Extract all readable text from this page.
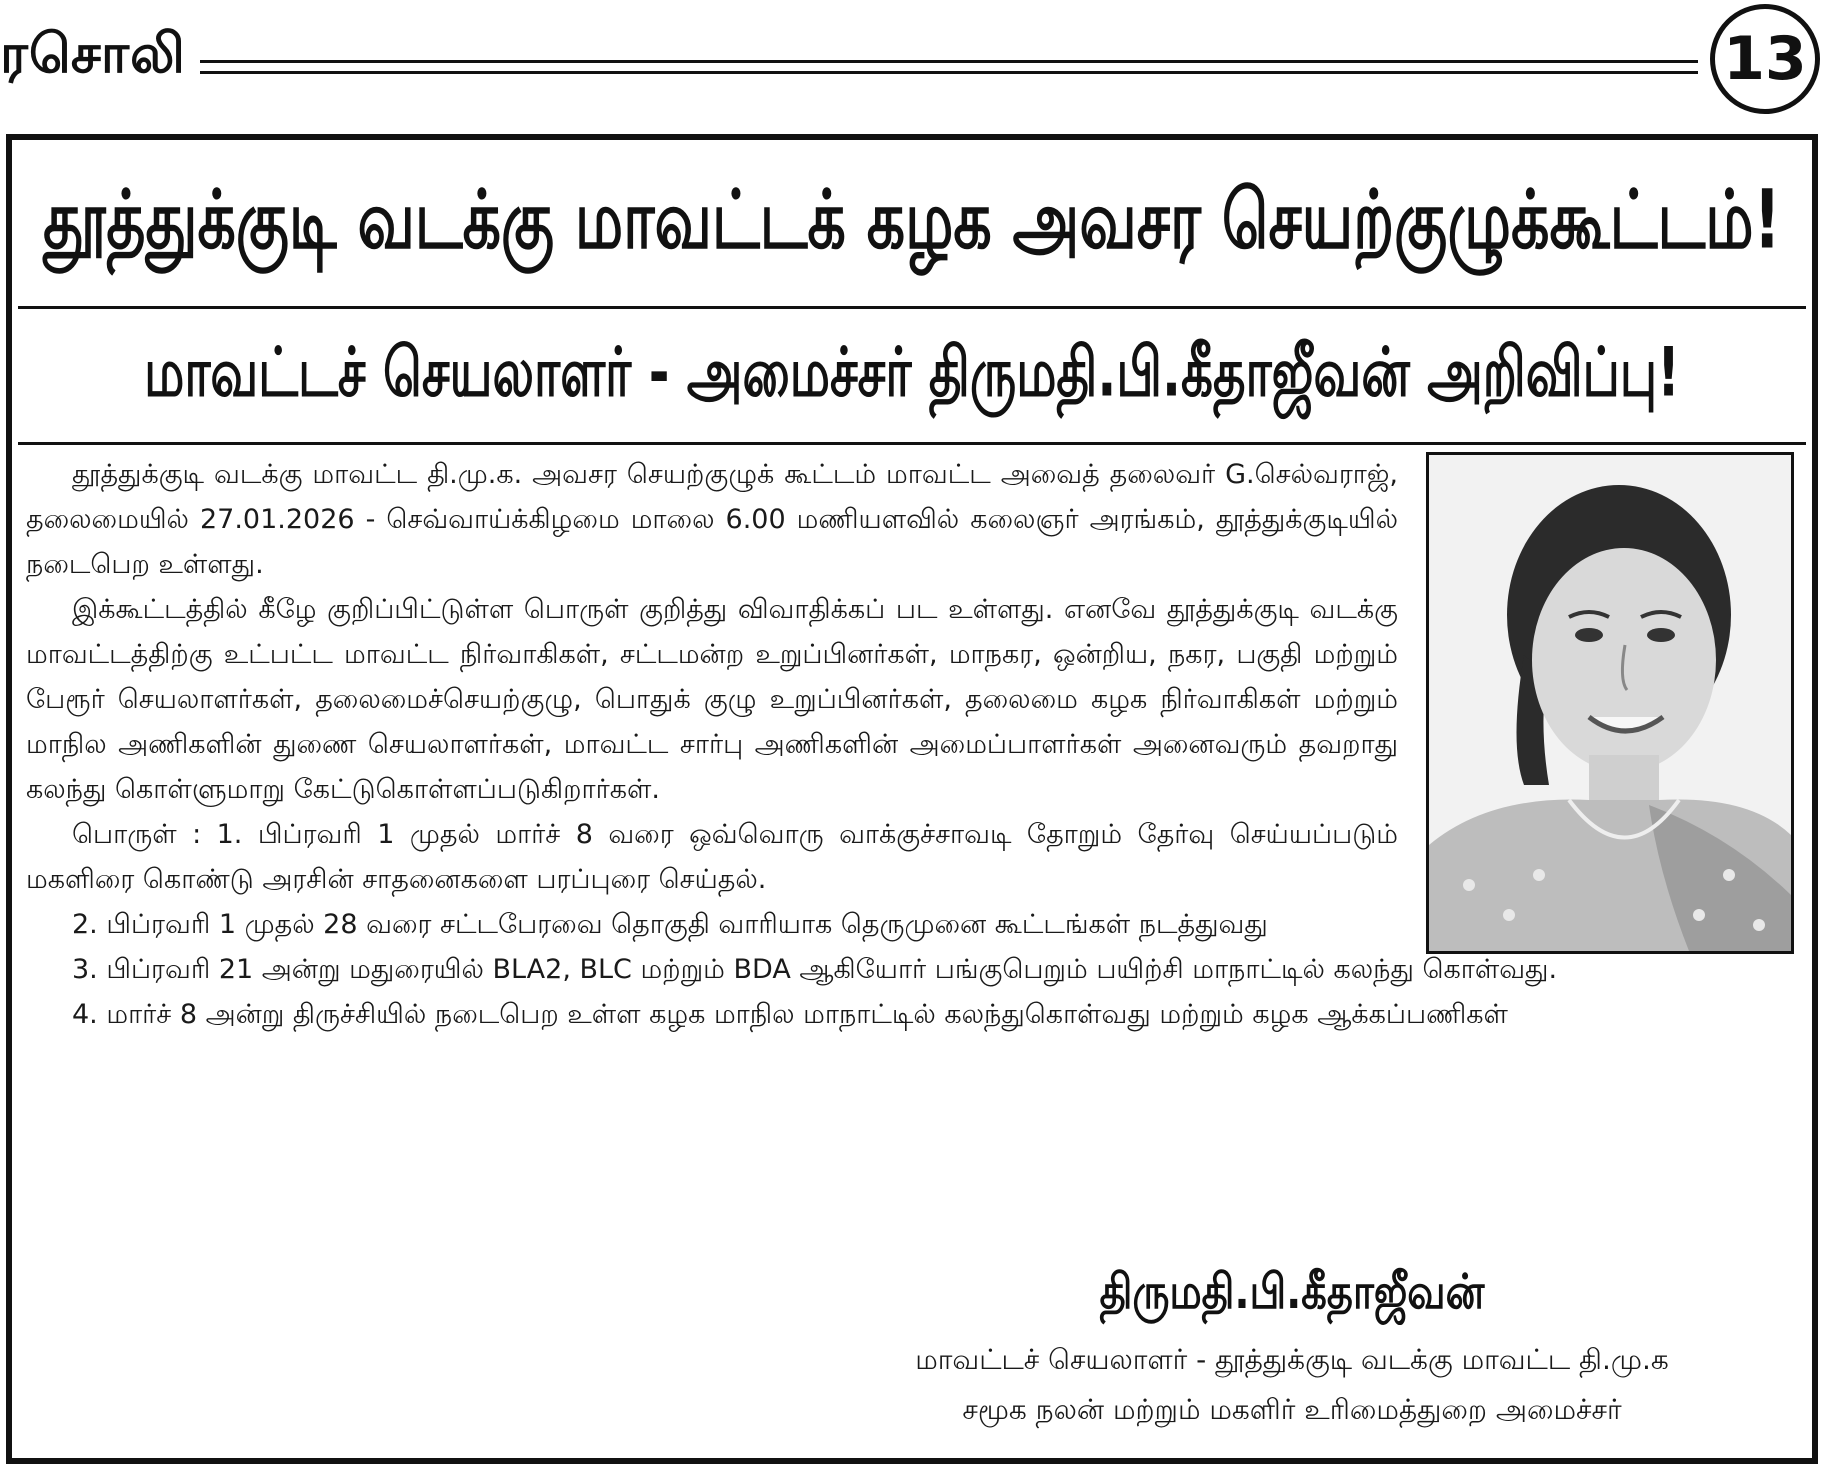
ரசொலி	13
தூத்துக்குடி வடக்கு மாவட்டக் கழக அவசர செயற்குழுக்கூட்டம்!
மாவட்டச் செயலாளர் - அமைச்சர் திருமதி.பி.கீதாஜீவன் அறிவிப்பு!

தூத்துக்குடி வடக்கு மாவட்ட தி.மு.க. அவசர செயற்குழுக் கூட்டம் மாவட்ட அவைத் தலைவர் G.செல்வராஜ், தலைமையில் 27.01.2026 - செவ்வாய்க்கிழமை மாலை 6.00 மணியளவில் கலைஞர் அரங்கம், தூத்துக்குடியில் நடைபெற உள்ளது.

இக்கூட்டத்தில் கீழே குறிப்பிட்டுள்ள பொருள் குறித்து விவாதிக்கப் பட உள்ளது. எனவே தூத்துக்குடி வடக்கு மாவட்டத்திற்கு உட்பட்ட மாவட்ட நிர்வாகிகள், சட்டமன்ற உறுப்பினர்கள், மாநகர, ஒன்றிய, நகர, பகுதி மற்றும் பேரூர் செயலாளர்கள், தலைமைச்செயற்குழு, பொதுக் குழு உறுப்பினர்கள், தலைமை கழக நிர்வாகிகள் மற்றும் மாநில அணிகளின் துணை செயலாளர்கள், மாவட்ட சார்பு அணிகளின் அமைப்பாளர்கள் அனைவரும் தவறாது கலந்து கொள்ளுமாறு கேட்டுகொள்ளப்படுகிறார்கள்.

பொருள் : 1. பிப்ரவரி 1 முதல் மார்ச் 8 வரை ஒவ்வொரு வாக்குச்சாவடி தோறும் தேர்வு செய்யப்படும் மகளிரை கொண்டு அரசின் சாதனைகளை பரப்புரை செய்தல்.

2. பிப்ரவரி 1 முதல் 28 வரை சட்டபேரவை தொகுதி வாரியாக தெருமுனை கூட்டங்கள் நடத்துவது

3. பிப்ரவரி 21 அன்று மதுரையில் BLA2, BLC மற்றும் BDA ஆகியோர் பங்குபெறும் பயிற்சி மாநாட்டில் கலந்து கொள்வது.

4. மார்ச் 8 அன்று திருச்சியில் நடைபெற உள்ள கழக மாநில மாநாட்டில் கலந்துகொள்வது மற்றும் கழக ஆக்கப்பணிகள்

திருமதி.பி.கீதாஜீவன்

மாவட்டச் செயலாளர் - தூத்துக்குடி வடக்கு மாவட்ட தி.மு.க

சமூக நலன் மற்றும் மகளிர் உரிமைத்துறை அமைச்சர்
